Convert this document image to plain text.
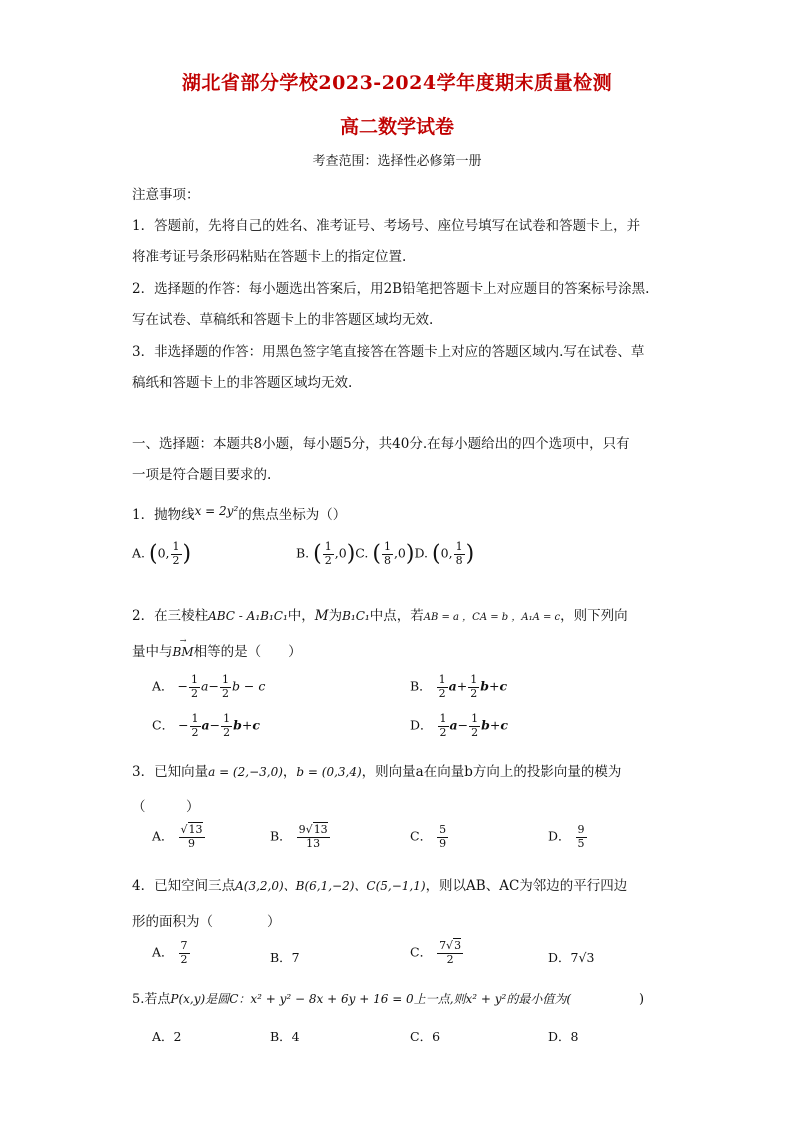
湖北省部分学校2023-2024学年度期末质量检测
高二数学试卷
考查范围：选择性必修第一册
注意事项：
1．答题前，先将自己的姓名、准考证号、考场号、座位号填写在试卷和答题卡上，并
将准考证号条形码粘贴在答题卡上的指定位置.
2．选择题的作答：每小题选出答案后，用2B铅笔把答题卡上对应题目的答案标号涂黑.
写在试卷、草稿纸和答题卡上的非答题区域均无效.
3．非选择题的作答：用黑色签字笔直接答在答题卡上对应的答题区域内.写在试卷、草
稿纸和答题卡上的非答题区域均无效.
一、选择题：本题共8小题，每小题5分，共40分.在每小题给出的四个选项中，只有
一项是符合题目要求的.
1．抛物线x = 2y²的焦点坐标为（）
A. (0, $\frac{1}{2}$ )	B. ( $\frac{1}{2} ,0)C$. ( $\frac{1}{8} ,0)D$. (0, $\frac{1}{8}$ )
2．在三棱柱ABC - A₁B₁C₁中，M为B₁C₁中点，若AB = a ，CA = b ，A₁A = c，则下列向
量中与→ BM相等的是（　　）
A． − $\frac{1}{2} a- \frac{1}{2}$ b − c	B． $\frac{1}{2} a+ \frac{1}{2} b+c$
C． − $\frac{1}{2} a- \frac{1}{2} b+c$	D． $\frac{1}{2} a- \frac{1}{2} b+c$
3．已知向量a = (2,−3,0)，b = (0,3,4)，则向量a在向量b方向上的投影向量的模为
（　　　）
A． $\frac{√13}{9}$	B． $\frac{9√13}{13}$	C． $\frac{5}{9}$	D． $\frac{9}{5}$
4．已知空间三点A(3,2,0)、B(6,1,−2)、C(5,−1,1)，则以AB、AC为邻边的平行四边
形的面积为（　　　　）
A． $\frac{7}{2}$	B．7	C． $\frac{7√3}{2}$	D．7√3
5.若点P(x,y)是圆C：x² + y² − 8x + 6y + 16 = 0上一点,则x² + y²的最小值为(	)
A．2	B．4	C．6	D．8
